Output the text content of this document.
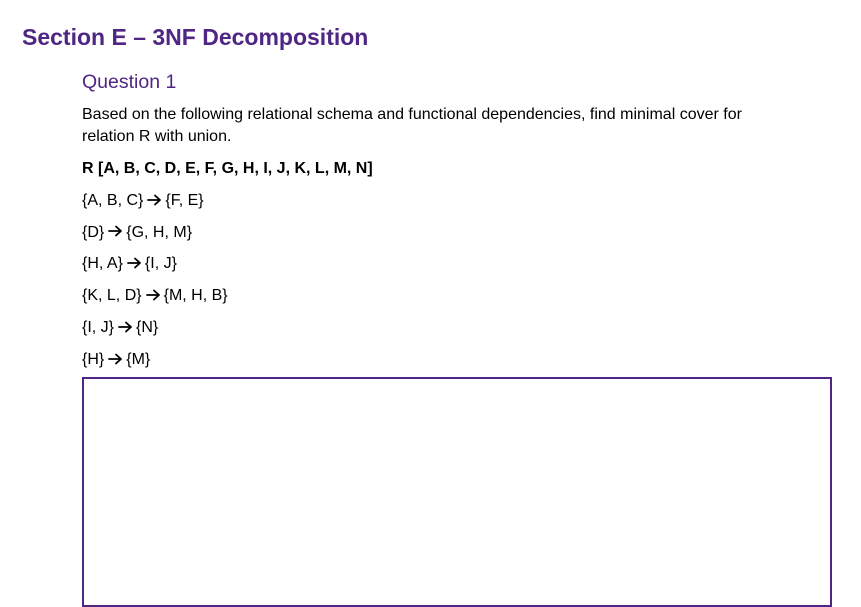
Section E – 3NF Decomposition
Question 1

Based on the following relational schema and functional dependencies, find minimal cover for relation R with union.

R [A, B, C, D, E, F, G, H, I, J, K, L, M, N]

{A, B, C} {F, E}
{D} {G, H, M}
{H, A} {I, J}
{K, L, D} {M, H, B}
{I, J} {N}
{H} {M}
